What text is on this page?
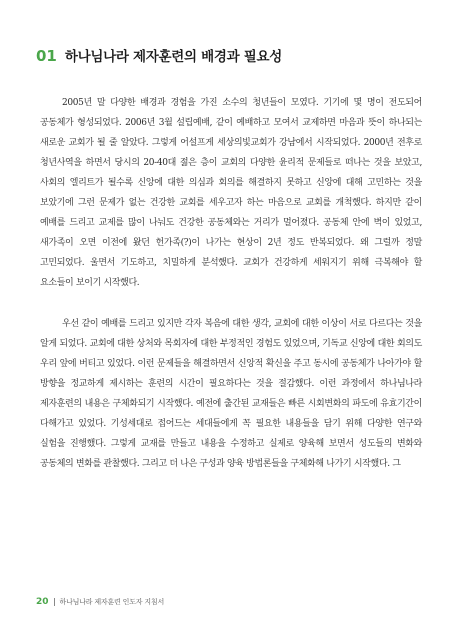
01 하나님나라 제자훈련의 배경과 필요성

2005년 말 다양한 배경과 경험을 가진 소수의 청년들이 모였다. 기기에 몇 명이 전도되어 공동체가 형성되었다. 2006년 3월 설립예배, 같이 예배하고 모여서 교제하면 마음과 뜻이 하나되는 새로운 교회가 될 줄 알았다. 그렇게 어설프게 세상의빛교회가 강남에서 시작되었다. 2000년 전후로 청년사역을 하면서 당시의 20-40대 젊은 층이 교회의 다양한 윤리적 문제들로 떠나는 것을 보았고, 사회의 엘리트가 될수록 신앙에 대한 의심과 회의를 해결하지 못하고 신앙에 대해 고민하는 것을 보았기에 그런 문제가 없는 건강한 교회를 세우고자 하는 마음으로 교회를 개척했다. 하지만 같이 예배를 드리고 교제를 많이 나눠도 건강한 공동체와는 거리가 멀어졌다. 공동체 안에 벽이 있었고, 새가족이 오면 이전에 왔던 헌가족(?)이 나가는 현상이 2년 정도 반복되었다. 왜 그럴까 정말 고민되었다. 울면서 기도하고, 치밀하게 분석했다. 교회가 건강하게 세워지기 위해 극복해야 할 요소들이 보이기 시작했다.

우선 같이 예배를 드리고 있지만 각자 복음에 대한 생각, 교회에 대한 이상이 서로 다르다는 것을 알게 되었다. 교회에 대한 상처와 목회자에 대한 부정적인 경험도 있었으며, 기독교 신앙에 대한 회의도 우리 앞에 버티고 있었다. 이런 문제들을 해결하면서 신앙적 확신을 주고 동시에 공동체가 나아가야 할 방향을 정교하게 제시하는 훈련의 시간이 필요하다는 것을 절감했다. 이런 과정에서 하나님나라 제자훈련의 내용은 구체화되기 시작했다. 예전에 출간된 교재들은 빠른 시회변화의 파도에 유효기간이 다해가고 있었다. 기성세대로 접어드는 세대들에게 꼭 필요한 내용들을 담기 위해 다양한 연구와 실험을 진행했다. 그렇게 교재를 만들고 내용을 수정하고 실제로 양육해 보면서 성도들의 변화와 공동체의 변화를 관찰했다. 그리고 더 나은 구성과 양육 방법론들을 구체화해 나가기 시작했다. 그

20 하나님나라 제자훈련 인도자 지침서
